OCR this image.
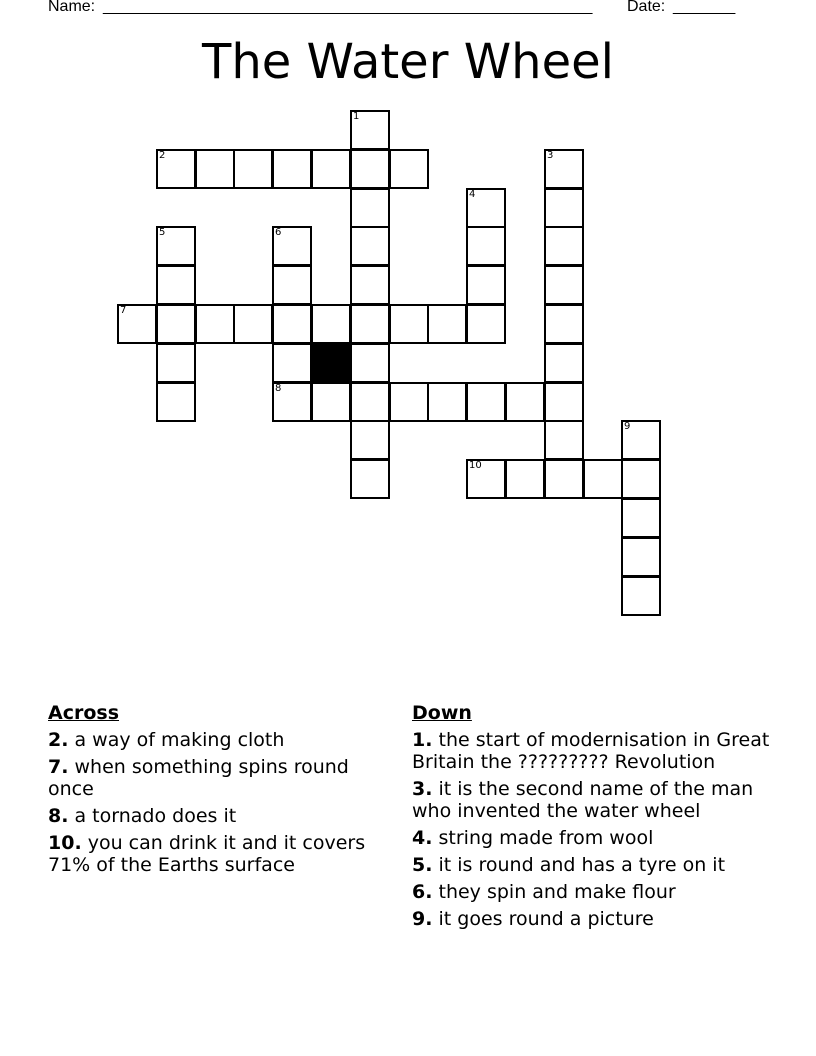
Name: _______________________________________________________ Date: _______
The Water Wheel
1
2	3
4
5	6
8
7
9
10
Across
2. a way of making cloth
7. when something spins round once
8. a tornado does it
10. you can drink it and it covers 71% of the Earths surface
Down
1. the start of modernisation in Great Britain the ????????? Revolution
3. it is the second name of the man who invented the water wheel
4. string made from wool
5. it is round and has a tyre on it
6. they spin and make flour
9. it goes round a picture
